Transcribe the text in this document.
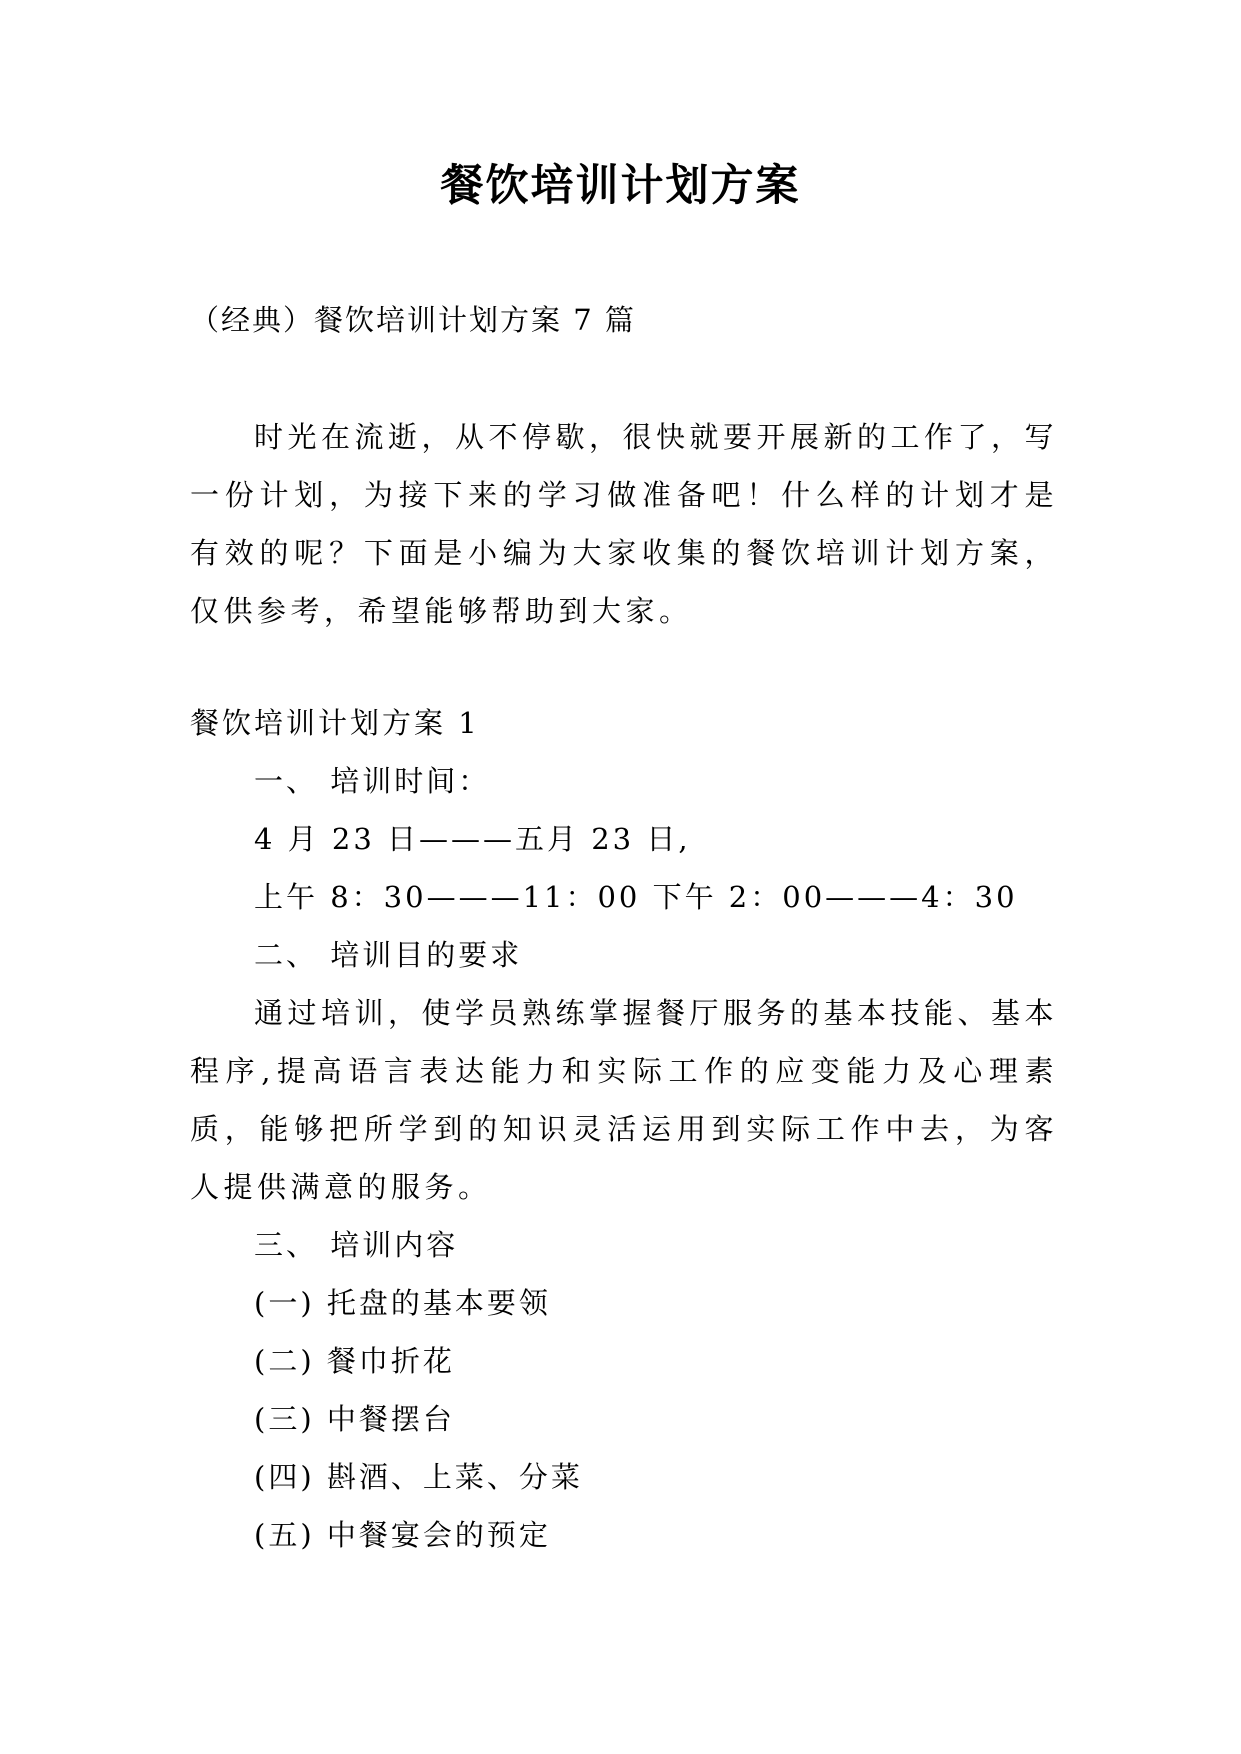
餐饮培训计划方案
（经典）餐饮培训计划方案 7 篇

时光在流逝，从不停歇，很快就要开展新的工作了，写一份计划，为接下来的学习做准备吧！什么样的计划才是有效的呢？下面是小编为大家收集的餐饮培训计划方案，仅供参考，希望能够帮助到大家。

餐饮培训计划方案 1

一、 培训时间：

4 月 23 日———五月 23 日,

上午 8：30———11：00 下午 2：00———4：30

二、 培训目的要求

通过培训，使学员熟练掌握餐厅服务的基本技能、基本程序,提高语言表达能力和实际工作的应变能力及心理素质，能够把所学到的知识灵活运用到实际工作中去，为客人提供满意的服务。

三、 培训内容

(一) 托盘的基本要领

(二) 餐巾折花

(三) 中餐摆台

(四) 斟酒、上菜、分菜

(五) 中餐宴会的预定
